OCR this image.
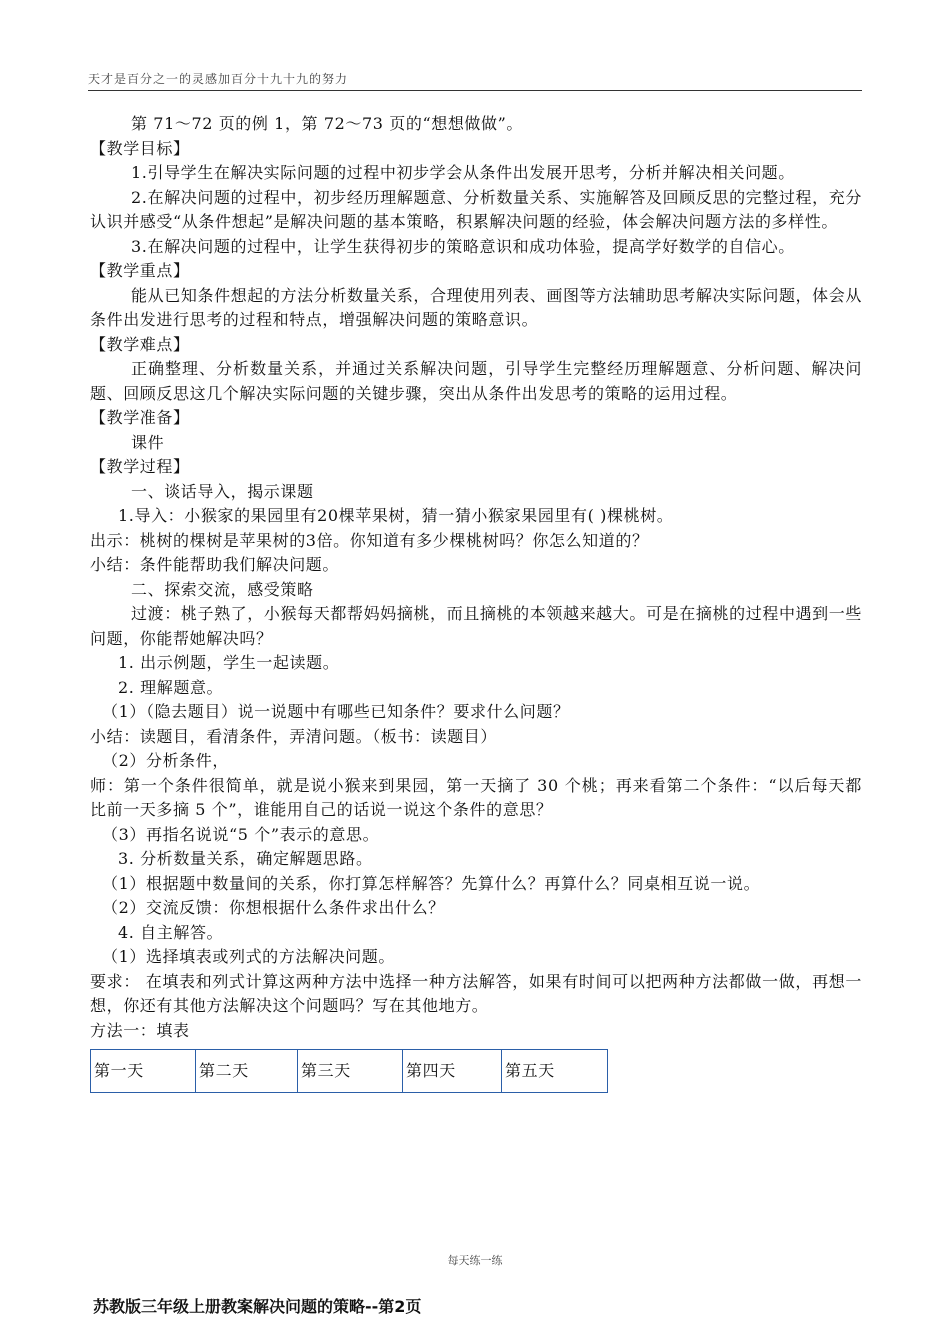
天才是百分之一的灵感加百分十九十九的努力

第 71～72 页的例 1，第 72～73 页的“想想做做”。

【教学目标】

1.引导学生在解决实际问题的过程中初步学会从条件出发展开思考，分析并解决相关问题。

2.在解决问题的过程中，初步经历理解题意、分析数量关系、实施解答及回顾反思的完整过程，充分认识并感受“从条件想起”是解决问题的基本策略，积累解决问题的经验，体会解决问题方法的多样性。

3.在解决问题的过程中，让学生获得初步的策略意识和成功体验，提高学好数学的自信心。

【教学重点】

能从已知条件想起的方法分析数量关系，合理使用列表、画图等方法辅助思考解决实际问题，体会从条件出发进行思考的过程和特点，增强解决问题的策略意识。

【教学难点】

正确整理、分析数量关系，并通过关系解决问题，引导学生完整经历理解题意、分析问题、解决问题、回顾反思这几个解决实际问题的关键步骤，突出从条件出发思考的策略的运用过程。

【教学准备】

课件

【教学过程】

一、谈话导入，揭示课题

1.导入：小猴家的果园里有20棵苹果树，猜一猜小猴家果园里有( )棵桃树。

出示：桃树的棵树是苹果树的3倍。你知道有多少棵桃树吗？你怎么知道的？

小结：条件能帮助我们解决问题。

二、探索交流，感受策略

过渡：桃子熟了，小猴每天都帮妈妈摘桃，而且摘桃的本领越来越大。可是在摘桃的过程中遇到一些问题，你能帮她解决吗？

1. 出示例题，学生一起读题。

2. 理解题意。

（1）（隐去题目）说一说题中有哪些已知条件？要求什么问题？

小结：读题目，看清条件，弄清问题。（板书：读题目）

（2）分析条件，

师：第一个条件很简单，就是说小猴来到果园，第一天摘了 30 个桃；再来看第二个条件：“以后每天都比前一天多摘 5 个”，谁能用自己的话说一说这个条件的意思？

（3）再指名说说“5 个”表示的意思。

3. 分析数量关系，确定解题思路。

（1）根据题中数量间的关系，你打算怎样解答？先算什么？再算什么？同桌相互说一说。

（2）交流反馈：你想根据什么条件求出什么？

4. 自主解答。

（1）选择填表或列式的方法解决问题。

要求： 在填表和列式计算这两种方法中选择一种方法解答，如果有时间可以把两种方法都做一做，再想一想，你还有其他方法解决这个问题吗？写在其他地方。

方法一：填表

第一天	第二天	第三天	第四天	第五天
每天练一练
苏教版三年级上册教案解决问题的策略--第2页
